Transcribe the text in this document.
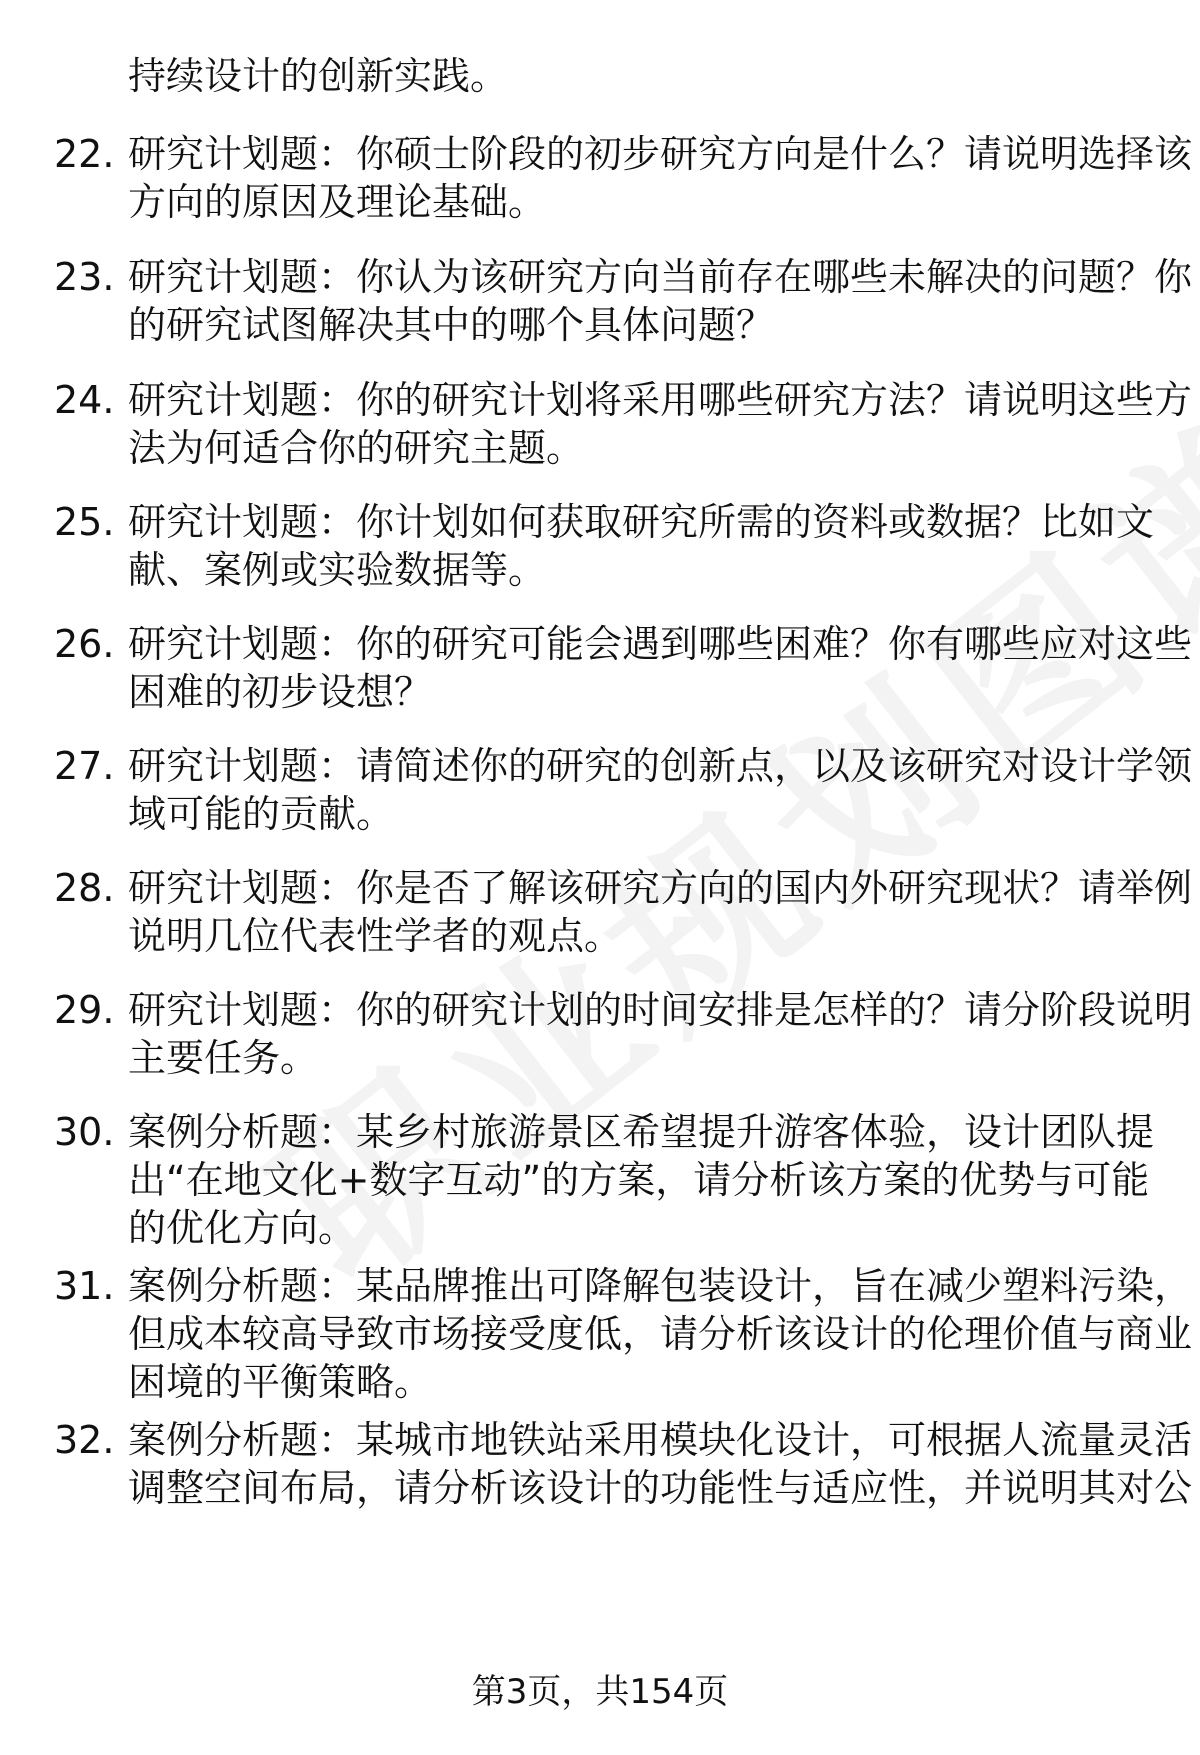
持续设计的创新实践。
22. 研究计划题：你硕士阶段的初步研究方向是什么？请说明选择该
方向的原因及理论基础。
23. 研究计划题：你认为该研究方向当前存在哪些未解决的问题？你
的研究试图解决其中的哪个具体问题？
24. 研究计划题：你的研究计划将采用哪些研究方法？请说明这些方
法为何适合你的研究主题。
25. 研究计划题：你计划如何获取研究所需的资料或数据？比如文
献、案例或实验数据等。
26. 研究计划题：你的研究可能会遇到哪些困难？你有哪些应对这些
困难的初步设想？
27. 研究计划题：请简述你的研究的创新点，以及该研究对设计学领
域可能的贡献。
28. 研究计划题：你是否了解该研究方向的国内外研究现状？请举例
说明几位代表性学者的观点。
29. 研究计划题：你的研究计划的时间安排是怎样的？请分阶段说明
主要任务。
30. 案例分析题：某乡村旅游景区希望提升游客体验，设计团队提
出“在地文化+数字互动”的方案，请分析该方案的优势与可能
的优化方向。
31. 案例分析题：某品牌推出可降解包装设计，旨在减少塑料污染，
但成本较高导致市场接受度低，请分析该设计的伦理价值与商业
困境的平衡策略。
32. 案例分析题：某城市地铁站采用模块化设计，可根据人流量灵活
调整空间布局，请分析该设计的功能性与适应性，并说明其对公
第3页，共154页
